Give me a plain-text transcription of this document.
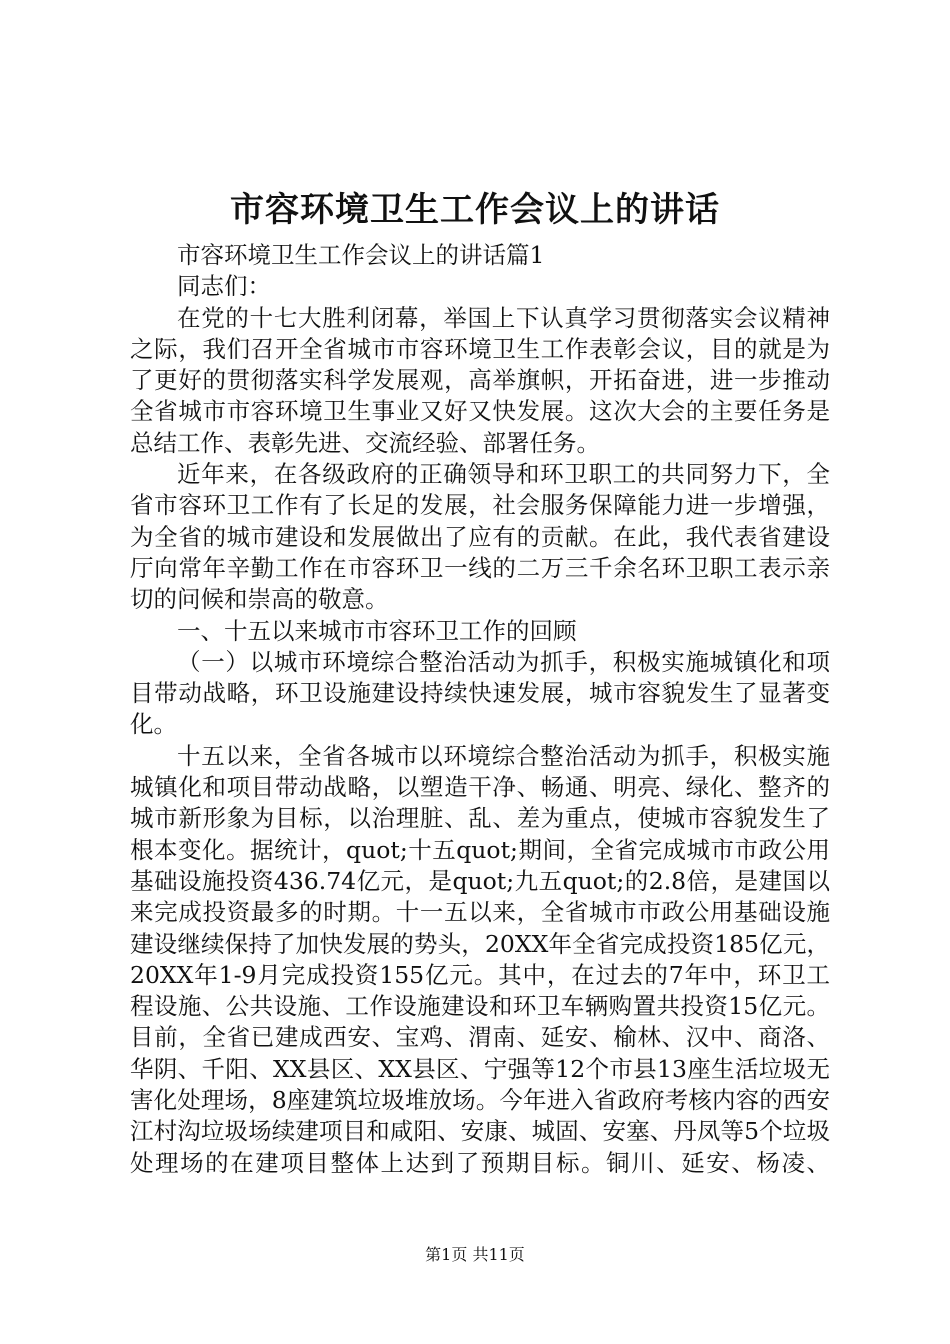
市容环境卫生工作会议上的讲话

市容环境卫生工作会议上的讲话篇1

同志们：

在党的十七大胜利闭幕，举国上下认真学习贯彻落实会议精神之际，我们召开全省城市市容环境卫生工作表彰会议，目的就是为了更好的贯彻落实科学发展观，高举旗帜，开拓奋进，进一步推动全省城市市容环境卫生事业又好又快发展。这次大会的主要任务是总结工作、表彰先进、交流经验、部署任务。

近年来，在各级政府的正确领导和环卫职工的共同努力下，全省市容环卫工作有了长足的发展，社会服务保障能力进一步增强，为全省的城市建设和发展做出了应有的贡献。在此，我代表省建设厅向常年辛勤工作在市容环卫一线的二万三千余名环卫职工表示亲切的问候和崇高的敬意。

一、十五以来城市市容环卫工作的回顾

（一）以城市环境综合整治活动为抓手，积极实施城镇化和项目带动战略，环卫设施建设持续快速发展，城市容貌发生了显著变化。

十五以来，全省各城市以环境综合整治活动为抓手，积极实施城镇化和项目带动战略，以塑造干净、畅通、明亮、绿化、整齐的城市新形象为目标，以治理脏、乱、差为重点，使城市容貌发生了根本变化。据统计，quot;十五quot;期间，全省完成城市市政公用基础设施投资436.74亿元，是quot;九五quot;的2.8倍，是建国以来完成投资最多的时期。十一五以来，全省城市市政公用基础设施建设继续保持了加快发展的势头，20XX年全省完成投资185亿元，20XX年1-9月完成投资155亿元。其中，在过去的7年中，环卫工程设施、公共设施、工作设施建设和环卫车辆购置共投资15亿元。目前，全省已建成西安、宝鸡、渭南、延安、榆林、汉中、商洛、华阴、千阳、XX县区、XX县区、宁强等12个市县13座生活垃圾无害化处理场，8座建筑垃圾堆放场。今年进入省政府考核内容的西安江村沟垃圾场续建项目和咸阳、安康、城固、安塞、丹凤等5个垃圾处理场的在建项目整体上达到了预期目标。铜川、延安、杨凌、

第1页 共11页
